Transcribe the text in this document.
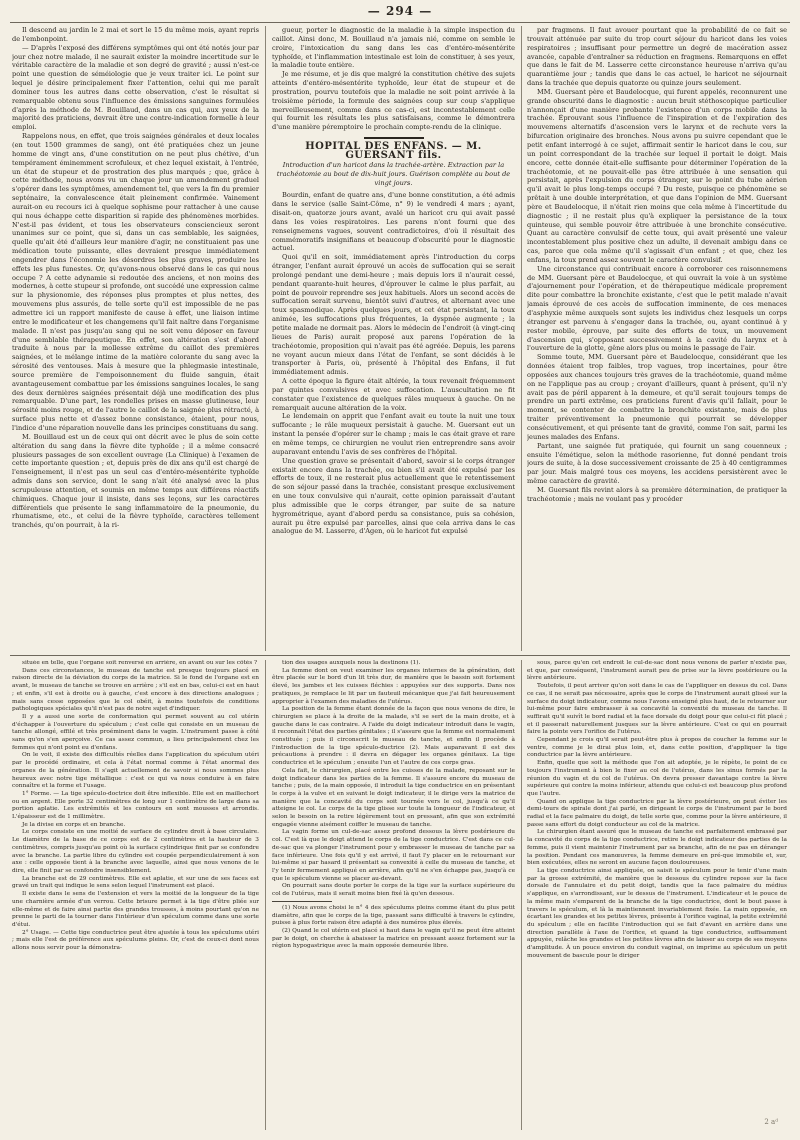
— 294 —

Il descend au jardin le 2 mai et sort le 15 du même mois, ayant repris de l'embonpoint.

— D'après l'exposé des différens symptômes qui ont été notés jour par jour chez notre malade, il ne saurait exister la moindre incertitude sur le véritable caractère de la maladie et son degré de gravité ; aussi n'est-ce point une question de séméiologie que je veux traiter ici. Le point sur lequel je désire principalement fixer l'attention, celui qui me paraît dominer tous les autres dans cette observation, c'est le résultat si remarquable obtenu sous l'influence des émissions sanguines formulées d'après la méthode de M. Bouillaud, dans un cas qui, aux yeux de la majorité des praticiens, devrait être une contre-indication formelle à leur emploi.

Rappelons nous, en effet, que trois saignées générales et deux locales (en tout 1500 grammes de sang), ont été pratiquées chez un jeune homme de vingt ans, d'une constitution on ne peut plus chétive, d'un tempérament éminemment scrofuleux, et chez lequel existait, à l'entrée, un état de stupeur et de prostration des plus marqués ; que, grâce à cette méthode, nous avons vu un chaque jour un amendement graduel s'opérer dans les symptômes, amendement tel, que vers la fin du premier septénaire, la convalescence était pleinement confirmée. Vainement aurait-on eu recours ici à quelque sophisme pour rattacher à une cause qui nous échappe cette disparition si rapide des phénomènes morbides. N'est-il pas évident, et tous les observateurs consciencieux seront unanimes sur ce point, que si, dans un cas semblable, les saignées, quelle qu'ait été d'ailleurs leur manière d'agir, ne constituaient pas une médication toute puissante, elles devraient presque immédiatement engendrer dans l'économie les désordres les plus graves, produire les effets les plus funestes. Or, qu'avons-nous observé dans le cas qui nous occupe ? A cette adynamie si redoutée des anciens, et non moins des modernes, à cette stupeur si profonde, ont succédé une expression calme sur la physionomie, des réponses plus promptes et plus nettes, des mouvemens plus assurés, de telle sorte qu'il est impossible de ne pas admettre ici un rapport manifeste de cause à effet, une liaison intime entre le modificateur et les changemens qu'il fait naître dans l'organisme malade. Il n'est pas jusqu'au sang qui ne soit venu déposer en faveur d'une semblable thérapeutique. En effet, son altération s'est d'abord traduite à nous par la mollesse extrême du caillot des premières saignées, et le mélange intime de la matière colorante du sang avec la sérosité des ventouses. Mais à mesure que la phlegmasie intestinale, source première de l'empoisonnement du fluide sanguin, était avantageusement combattue par les émissions sanguines locales, le sang des deux dernières saignées présentait déjà une modification des plus remarquable. D'une part, les rondelles prises en masse glutineuse, leur sérosité moins rouge, et de l'autre le caillot de la saignée plus rétracté, à surface plus nette et d'assez bonne consistance, étaient, pour nous, l'indice d'une réparation nouvelle dans les principes constituans du sang.

M. Bouillaud est un de ceux qui ont décrit avec le plus de soin cette altération du sang dans la fièvre dite typhoïde ; il a même consacré plusieurs passages de son excellent ouvrage (La Clinique) à l'examen de cette importante question ; et, depuis près de dix ans qu'il est chargé de l'enseignement, il n'est pas un seul cas d'entéro-mésentérite typhoïde admis dans son service, dont le sang n'ait été analysé avec la plus scrupuleuse attention, et soumis en même temps aux différens réactifs chimiques. Chaque jour il insiste, dans ses leçons, sur les caractères différentiels que présente le sang inflammatoire de la pneumonie, du rhumatisme, etc., et celui de la fièvre typhoïde, caractères tellement tranchés, qu'on pourrait, à la ri-

gueur, porter le diagnostic de la maladie à la simple inspection du caillot. Ainsi donc, M. Bouillaud n'a jamais nié, comme on semble le croire, l'intoxication du sang dans les cas d'entéro-mésentérite typhoïde, et l'inflammation intestinale est loin de constituer, à ses yeux, la maladie toute entière.

Je me résume, et je dis que malgré la constitution chétive des sujets atteints d'entéro-mésentérite typhoïde, leur état de stupeur et de prostration, pourvu toutefois que la maladie ne soit point arrivée à la troisième période, la formule des saignées coup sur coup s'applique merveilleusement, comme dans ce cas-ci, est incontestablement celle qui fournit les résultats les plus satisfaisans, comme le démontrera d'une manière péremptoire le prochain compte-rendu de la clinique.

HOPITAL DES ENFANS. — M. GUERSANT fils.

Introduction d'un haricot dans la trachée-artère. Extraction par la trachéotomie au bout de dix-huit jours. Guérison complète au bout de vingt jours.

Bourdin, enfant de quatre ans, d'une bonne constitution, a été admis dans le service (salle Saint-Côme, n° 9) le vendredi 4 mars ; ayant, disait-on, quatorze jours avant, avalé un haricot cru qui avait passé dans les voies respiratoires. Les parens n'ont fourni que des renseignemens vagues, souvent contradictoires, d'où il résultait des commémoratifs insignifians et beaucoup d'obscurité pour le diagnostic actuel.

Quoi qu'il en soit, immédiatement après l'introduction du corps étranger, l'enfant aurait éprouvé un accès de suffocation qui se serait prolongé pendant une demi-heure ; mais depuis lors il n'aurait cessé, pendant quarante-huit heures, d'éprouver le calme le plus parfait, au point de pouvoir reprendre ses jeux habituels. Alors un second accès de suffocation serait survenu, bientôt suivi d'autres, et alternant avec une toux spasmodique. Après quelques jours, et cet état persistant, la toux animée, les suffocations plus fréquentes, la dyspnée augmente ; la petite malade ne dormait pas. Alors le médecin de l'endroit (à vingt-cinq lieues de Paris) aurait proposé aux parens l'opération de la trachéotomie, proposition qui n'avait pas été agréée. Depuis, les parens ne voyant aucun mieux dans l'état de l'enfant, se sont décidés à le transporter à Paris, où, présenté à l'hôpital des Enfans, il fut immédiatement admis.

A cette époque la figure était altérée, la toux revenait fréquemment par quintes convulsives et avec suffocation. L'auscultation ne fit constater que l'existence de quelques râles muqueux à gauche. On ne remarquait aucune altération de la voix.

Le lendemain on apprit que l'enfant avait eu toute la nuit une toux suffocante ; le râle muqueux persistait à gauche. M. Guersant eut un instant la pensée d'opérer sur le champ ; mais le cas était grave et rare en même temps, ce chirurgien ne voulut rien entreprendre sans avoir auparavant entendu l'avis de ses confrères de l'hôpital.

Une question grave se présentait d'abord, savoir si le corps étranger existait encore dans la trachée, ou bien s'il avait été expulsé par les efforts de toux, il ne resterait plus actuellement que le retentissement de son séjour passé dans la trachée, consistant presque exclusivement en une toux convulsive qui n'aurait, cette opinion paraissait d'autant plus admissible que le corps étranger, par suite de sa nature hygrométrique, ayant d'abord perdu sa consistance, puis sa cohésion, aurait pu être expulsé par parcelles, ainsi que cela arriva dans le cas analogue de M. Lasserre, d'Agen, où le haricot fut expulsé

par fragmens. Il faut avouer pourtant que la probabilité de ce fait se trouvait atténuée par suite du trop court séjour du haricot dans les voies respiratoires ; insuffisant pour permettre un degré de macération assez avancée, capable d'entraîner sa réduction en fragmens. Remarquons en effet que dans le fait de M. Lasserre cette circonstance heureuse n'arriva qu'au quarantième jour ; tandis que dans le cas actuel, le haricot ne séjournait dans la trachée que depuis quatorze ou quinze jours seulement.

MM. Guersant père et Baudelocque, qui furent appelés, reconnurent une grande obscurité dans le diagnostic : aucun bruit stéthoscopique particulier n'annonçait d'une manière probante l'existence d'un corps mobile dans la trachée. Éprouvant sous l'influence de l'inspiration et de l'expiration des mouvemens alternatifs d'ascension vers le larynx et de rechute vers la bifurcation originaire des bronches. Nous avons pu suivre cependant que le petit enfant interrogé à ce sujet, affirmait sentir le haricot dans le cou, sur un point correspondant de la trachée sur lequel il portait le doigt. Mais encore, cette donnée était-elle suffisante pour déterminer l'opération de la trachéotomie, et ne pouvait-elle pas être attribuée à une sensation qui persistait, après l'expulsion du corps étranger, sur le point du tube aérien qu'il avait le plus long-temps occupé ? Du reste, puisque ce phénomène se prêtait à une double interprétation, et que dans l'opinion de MM. Guersant père et Baudelocque, il n'était rien moins que cela même à l'incertitude du diagnostic ; il ne restait plus qu'à expliquer la persistance de la toux quinteuse, qui semble pouvoir être attribuée à une bronchite consécutive. Quant au caractère convulsif de cette toux, qui avait présenté une valeur incontestablement plus positive chez un adulte, il devenait ambigu dans ce cas, parce que cela même qu'il s'agissait d'un enfant ; et que, chez les enfans, la toux prend assez souvent le caractère convulsif.

Une circonstance qui contribuait encore à corroborer ces raisonnemens de MM. Guersant père et Baudelocque, et qui ouvrait la voie à un système d'ajournement pour l'opération, et de thérapeutique médicale proprement dite pour combattre la bronchite existante, c'est que le petit malade n'avait jamais éprouvé de ces accès de suffocation imminente, de ces menaces d'asphyxie même auxquels sont sujets les individus chez lesquels un corps étranger est parvenu à s'engager dans la trachée, ou, ayant continué à y rester mobile, éprouve, par suite des efforts de toux, un mouvement d'ascension qui, s'opposant successivement à la cavité du larynx et à l'ouverture de la glotte, gêne alors plus ou moins le passage de l'air.

Somme toute, MM. Guersant père et Baudelocque, considérant que les données étaient trop faibles, trop vagues, trop incertaines, pour être opposées aux chances toujours très graves de la trachéotomie, quand même on ne l'applique pas au croup ; croyant d'ailleurs, quant à présent, qu'il n'y avait pas de péril apparent à la demeure, et qu'il serait toujours temps de prendre un parti extrême, ces praticiens furent d'avis qu'il fallait, pour le moment, se contenter de combattre la bronchite existante, mais de plus traiter préventivement la pneumonie qui pourrait se développer consécutivement, et qui présente tant de gravité, comme l'on sait, parmi les jeunes malades des Enfans.

Partant, une saignée fut pratiquée, qui fournit un sang couenneux ; ensuite l'émétique, selon la méthode rasorienne, fut donné pendant trois jours de suite, à la dose successivement croissante de 25 à 40 centigrammes par jour. Mais malgré tous ces moyens, les accidens persistèrent avec le même caractère de gravité.

M. Guersant fils revint alors à sa première détermination, de pratiquer la trachéotomie ; mais ne voulant pas y procéder

située en telle, que l'organe soit renversé en arrière, en avant ou sur les côtés ?

Dans ces circonstances, le museau de tanche est presque toujours placé en raison directe de la déviation du corps de la matrice. Si le fond de l'organe est en avant, le museau de tanche se trouve en arrière ; s'il est en bas, celui-ci est en haut ; et enfin, s'il est à droite ou à gauche, c'est encore à des directions analogues ; mais sans cesse opposées que le col obéit, à moins toutefois de conditions pathologiques spéciales qu'il n'est pas de notre sujet d'indiquer.

Il y a aussi une sorte de conformation qui permet souvent au col utérin d'échapper à l'ouverture du spéculum ; c'est celle qui consiste en un museau de tanche allongé, effilé et très proéminent dans le vagin. L'instrument passe à côté sans qu'on s'en aperçoive. Ce cas assez commun, a lieu principalement chez les femmes qui n'ont point eu d'enfans.

On le voit, il existe des difficultés réelles dans l'application du spéculum utéri par le procédé ordinaire, et cela à l'état normal comme à l'état anormal des organes de la génération. Il s'agit actuellement de savoir si nous sommes plus heureux avec notre tige métallique : c'est ce qui va nous conduire à en faire connaître et la forme et l'usage.

1° Forme. — La tige spéculo-doctrice doit être inflexible. Elle est en maillechort ou en argent. Elle porte 32 centimètres de long sur 1 centimètre de large dans sa portion aplatie. Les extrémités et les contours en sont mousses et arrondis. L'épaisseur est de 1 millimètre.

Je la divise en corps et en branche.

Le corps consiste en une moitié de surface de cylindre droit à base circulaire. Le diamètre de la base de ce corps est de 2 centimètres et la hauteur de 3 centimètres, compris jusqu'au point où la surface cylindrique finit par se confondre avec la branche. La partie libre du cylindre est coupée perpendiculairement à son axe : celle opposée tient à la branche avec laquelle, ainsi que nous venons de le dire, elle finit par se confondre insensiblement.

La branche est de 29 centimètres. Elle est aplatie, et sur une de ses faces est gravé un trait qui indique le sens selon lequel l'instrument est placé.

Il existe dans le sens de l'extension et vers la moitié de la longueur de la tige une charnière armée d'un verrou. Cette brisure permet à la tige d'être pliée sur elle-même et de faire ainsi partie des grandes trousses, à moins pourtant qu'on ne prenne le parti de la tourner dans l'intérieur d'un spéculum comme dans une sorte d'étui.

2° Usage. — Cette tige conductrice peut être ajustée à tous les spéculums utéri ; mais elle l'est de préférence aux spéculums pleins. Or, c'est de ceux-ci dont nous allons nous servir pour la démonstra-

tion des usages auxquels nous la destinons (1).

La femme dont on veut examiner les organes internes de la génération, doit être placée sur le bord d'un lit très dur, de manière que le bassin soit fortement élevé, les jambes et les cuisses fléchies : appuyées sur des supports. Dans nos pratiques, je remplace le lit par un fauteuil mécanique que j'ai fait heureusement approprier à l'examen des maladies de l'utérus.

La position de la femme étant donnée de la façon que nous venons de dire, le chirurgien se place à la droite de la malade, s'il se sert de la main droite, et à gauche dans le cas contraire. A l'aide du doigt indicateur introduit dans le vagin, il reconnaît l'état des parties génitales ; il s'assure que la femme est normalement constituée ; puis il circonscrit le museau de tanche, et enfin il procède à l'introduction de la tige spéculo-ductrice (2). Mais auparavant il est des précautions à prendre : il devra en dégager les organes génitaux. La tige conductrice et le spéculum ; ensuite l'un et l'autre de ces corps gras.

Cela fait, le chirurgien, placé entre les cuisses de la malade, reposant sur le doigt indicateur dans les parties de la femme. Il s'assure encore du museau de tanche ; puis, de la main opposée, il introduit la tige conductrice en en présentant le corps à la vulve et en suivant le doigt indicateur, il le dirige vers la matrice de manière que la concavité du corps soit tournée vers le col, jusqu'à ce qu'il atteigne le col. Le corps de la tige glisse sur toute la longueur de l'indicateur, et selon le besoin on la retire légèrement tout en pressant, afin que son extrémité engagée vienne aisément coiffer le museau de tanche.

La vagin forme un cul-de-sac assez profond dessous la lèvre postérieure du col. C'est là que le doigt attend le corps de la tige conductrice. C'est dans ce cul-de-sac que va plonger l'instrument pour y embrasser le museau de tanche par sa face inférieure. Une fois qu'il y est arrivé, il faut l'y placer en le retournant sur lui-même si par hasard il présentait sa convexité à celle du museau de tanche, et l'y tenir fermement appliqué en arrière, afin qu'il ne s'en échappe pas, jusqu'à ce que le spéculum vienne se placer au-devant.

On pourrait sans doute porter le corps de la tige sur la surface supérieure du col de l'utérus, mais il serait moins bien fixé là qu'en dessous.

(1) Nous avons choisi le n° 4 des spéculums pleins comme étant du plus petit diamètre, afin que le corps de la tige, passant sans difficulté à travers le cylindre, puisse à plus forte raison être adapté à des numéros plus élevés.

(2) Quand le col utérin est placé si haut dans le vagin qu'il ne peut être atteint par le doigt, on cherche à abaisser la matrice en pressant assez fortement sur la région hypogastrique avec la main opposée demeurée libre.

sous, parce qu'en cet endroit le cul-de-sac dont nous venons de parler n'existe pas, et que, par conséquent, l'instrument aurait peu de prise sur la lèvre postérieure ou la lèvre antérieure.

Toutefois, il peut arriver qu'on soit dans le cas de l'appliquer en dessus du col. Dans ce cas, il ne serait pas nécessaire, après que le corps de l'instrument aurait glissé sur la surface du doigt indicateur, comme nous l'avons enseigné plus haut, de le retourner sur lui-même pour faire embrasser à sa concavité la convexité du museau de tanche. Il suffirait qu'il suivît le bord radial et la face dorsale du doigt pour que celui-ci fût placé ; et il passerait naturellement jusques sur la lèvre antérieure. C'est ce qui en pourrait faire la pointe vers l'orifice de l'utérus.

Cependant je crois qu'il serait peut-être plus à propos de coucher la femme sur le ventre, comme je le dirai plus loin, et, dans cette position, d'appliquer la tige conductrice par la lèvre antérieure.

Enfin, quelle que soit la méthode que l'on ait adoptée, je le répète, le point de ce toujours l'instrument à bien le fixer au col de l'utérus, dans les sinus formés par la réunion du vagin et du col de l'utérus. On devra presser davantage contre la lèvre supérieure qui contre la moins inférieur, attendu que celui-ci est beaucoup plus profond que l'autre.

Quand on applique la tige conductrice par la lèvre postérieure, on peut éviter les demi-tours de spirale dont j'ai parlé, en dirigeant le corps de l'instrument par le bord radial et la face palmaire du doigt, de telle sorte que, comme pour la lèvre antérieure, il passe sans effort du doigt conducteur au col de la matrice.

Le chirurgien étant assuré que le museau de tanche est parfaitement embrassé par la concavité du corps de la tige conductrice, retire le doigt indicateur des parties de la femme, puis il vient maintenir l'instrument par sa branche, afin de ne pas en déranger la position. Pendant ces manœuvres, la femme demeure en pré-que immobile et, sur, bien exécutées, elles ne seront en aucune façon douloureuses.

La tige conductrice ainsi appliquée, on saisit le spéculum pour le tenir d'une main par la grosse extrémité, de manière que le dessous du cylindre repose sur la face dorsale de l'annulaire et du petit doigt, tandis que la face palmaire du médius s'applique, en s'arrondissant, sur le dessus de l'instrument. L'indicateur et le pouce de la même main s'emparent de la branche de la tige conductrice, dont le bout passe à travers le spéculum, et là la maintiennent invariablement fixée. La main opposée, en écartant les grandes et les petites lèvres, présente à l'orifice vaginal, la petite extrémité du spéculum ; elle en facilite l'introduction qui se fait d'avant en arrière dans une direction parallèle à l'axe de l'orifice, et quand la tige conductrice, suffisamment appuyée, relâche les grandes et les petites lèvres afin de laisser au corps de ses moyens d'amplitude. À un pouce environ du conduit vaginal, on imprime au spéculum un petit mouvement de bascule pour le diriger

2 aᵈ
